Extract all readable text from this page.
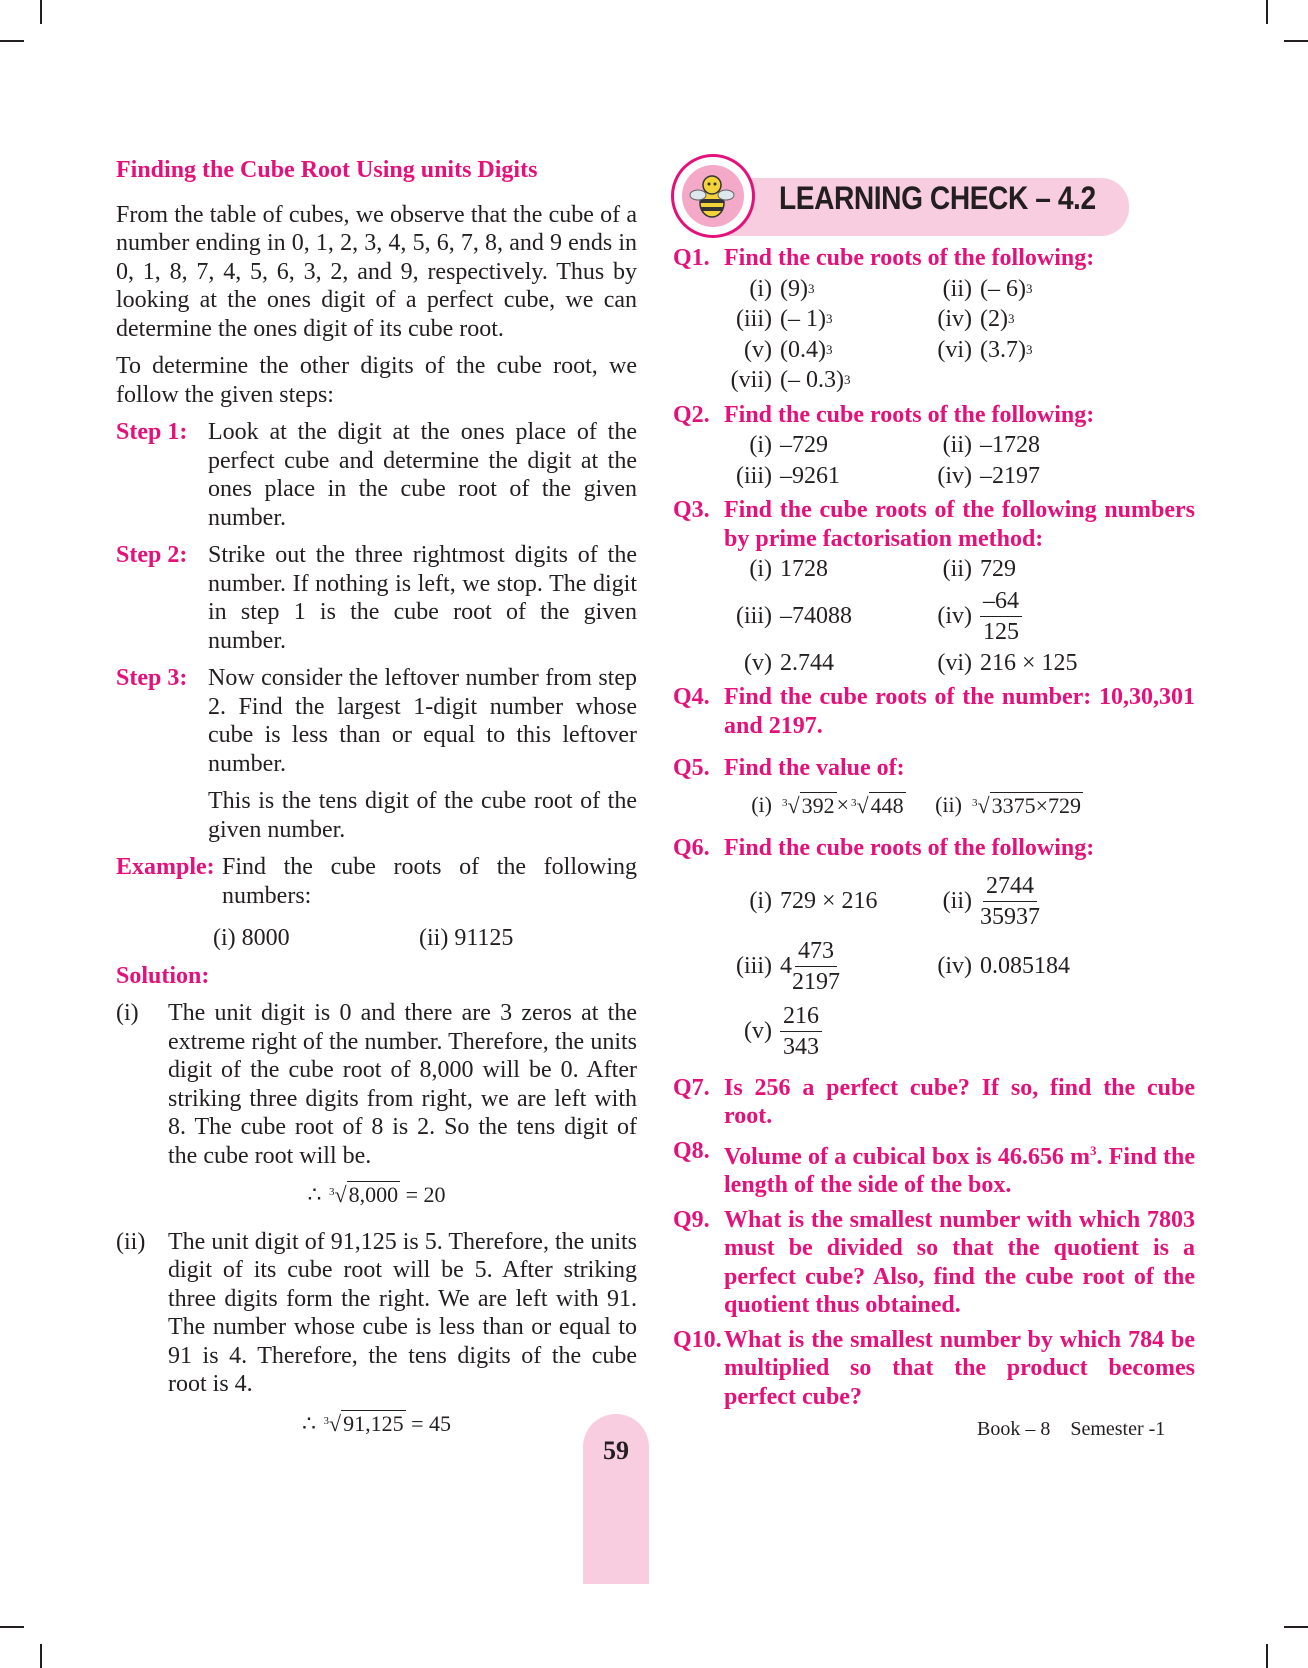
Finding the Cube Root Using units Digits

From the table of cubes, we observe that the cube of a number ending in 0, 1, 2, 3, 4, 5, 6, 7, 8, and 9 ends in 0, 1, 8, 7, 4, 5, 6, 3, 2, and 9, respectively. Thus by looking at the ones digit of a perfect cube, we can determine the ones digit of its cube root.

To determine the other digits of the cube root, we follow the given steps:

Step 1: Look at the digit at the ones place of the perfect cube and determine the digit at the ones place in the cube root of the given number.
Step 2: Strike out the three rightmost digits of the number. If nothing is left, we stop. The digit in step 1 is the cube root of the given number.
Step 3: Now consider the leftover number from step 2. Find the largest 1-digit number whose cube is less than or equal to this leftover number.
This is the tens digit of the cube root of the given number.
Example: Find the cube roots of the following numbers:
(i) 8000	(ii) 91125
Solution:
(i)	The unit digit is 0 and there are 3 zeros at the extreme right of the number. Therefore, the units digit of the cube root of 8,000 will be 0. After striking three digits from right, we are left with 8. The cube root of 8 is 2. So the tens digit of the cube root will be.
∴ $^3$√8,000 = 20
(ii) The unit digit of 91,125 is 5. Therefore, the units digit of its cube root will be 5. After striking three digits form the right. We are left with 91. The number whose cube is less than or equal to 91 is 4. Therefore, the tens digits of the cube root is 4.
∴ $^3$√91,125 = 45
LEARNING CHECK – 4.2
Q1. Find the cube roots of the following:
(i) (9) 3	(ii) (– 6) 3
(iii) (– 1) 3	(iv) (2) 3
(v) (0.4) 3	(vi) (3.7) 3
(vii) (– 0.3) 3
Q2. Find the cube roots of the following:
(i) –729	(ii) –1728
(iii) –9261	(iv) –2197
Q3. Find the cube roots of the following numbers by prime factorisation method:
(i) 1728	(ii) 729
(iii) –74088	$(iv) \frac{-64}{125}$
(v) 2.744	(vi) 216 × 125
Q4. Find the cube roots of the number: 10,30,301 and 2197.
Q5. Find the value of:
(i) $^3$√392 × $^3$√448	(ii) $^3$√3375×729
Q6. Find the cube roots of the following:
(i) 729 × 216	$(ii) \frac{2744}{35937}$
(iii) $4 \frac{473}{2197}$	(iv) 0.085184
$(v) \frac{216}{343}$
Q7. Is 256 a perfect cube? If so, find the cube root.
Q8. Volume of a cubical box is 46.656 $m^3$. Find the length of the side of the box.
Q9. What is the smallest number with which 7803 must be divided so that the quotient is a perfect cube? Also, find the cube root of the quotient thus obtained.
Q10. What is the smallest number by which 784 be multiplied so that the product becomes perfect cube?
59
Book – 8    Semester -1
